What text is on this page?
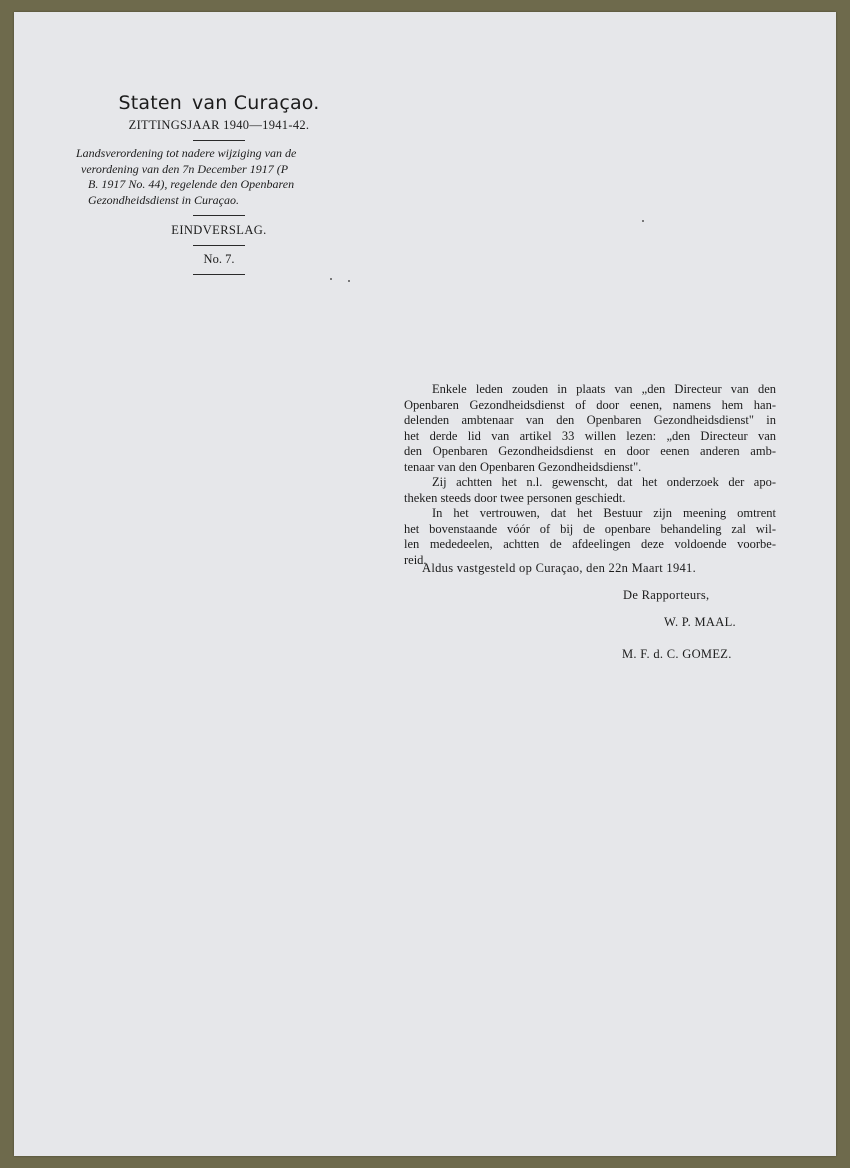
Staten van Curaçao.
ZITTINGSJAAR 1940—1941-42.
Landsverordening tot nadere wijziging van de
verordening van den 7n December 1917 (P
B. 1917 No. 44), regelende den Openbaren
Gezondheidsdienst in Curaçao.
EINDVERSLAG.
No. 7.
Enkele leden zouden in plaats van „den Directeur van den
Openbaren Gezondheidsdienst of door eenen, namens hem han-
delenden ambtenaar van den Openbaren Gezondheidsdienst" in
het derde lid van artikel 33 willen lezen: „den Directeur van
den Openbaren Gezondheidsdienst en door eenen anderen amb-
tenaar van den Openbaren Gezondheidsdienst".
Zij achtten het n.l. gewenscht, dat het onderzoek der apo-
theken steeds door twee personen geschiedt.
In het vertrouwen, dat het Bestuur zijn meening omtrent
het bovenstaande vóór of bij de openbare behandeling zal wil-
len mededeelen, achtten de afdeelingen deze voldoende voorbe-
reid.
Aldus vastgesteld op Curaçao, den 22n Maart 1941.
De Rapporteurs,
W. P. MAAL.
M. F. d. C. GOMEZ.
